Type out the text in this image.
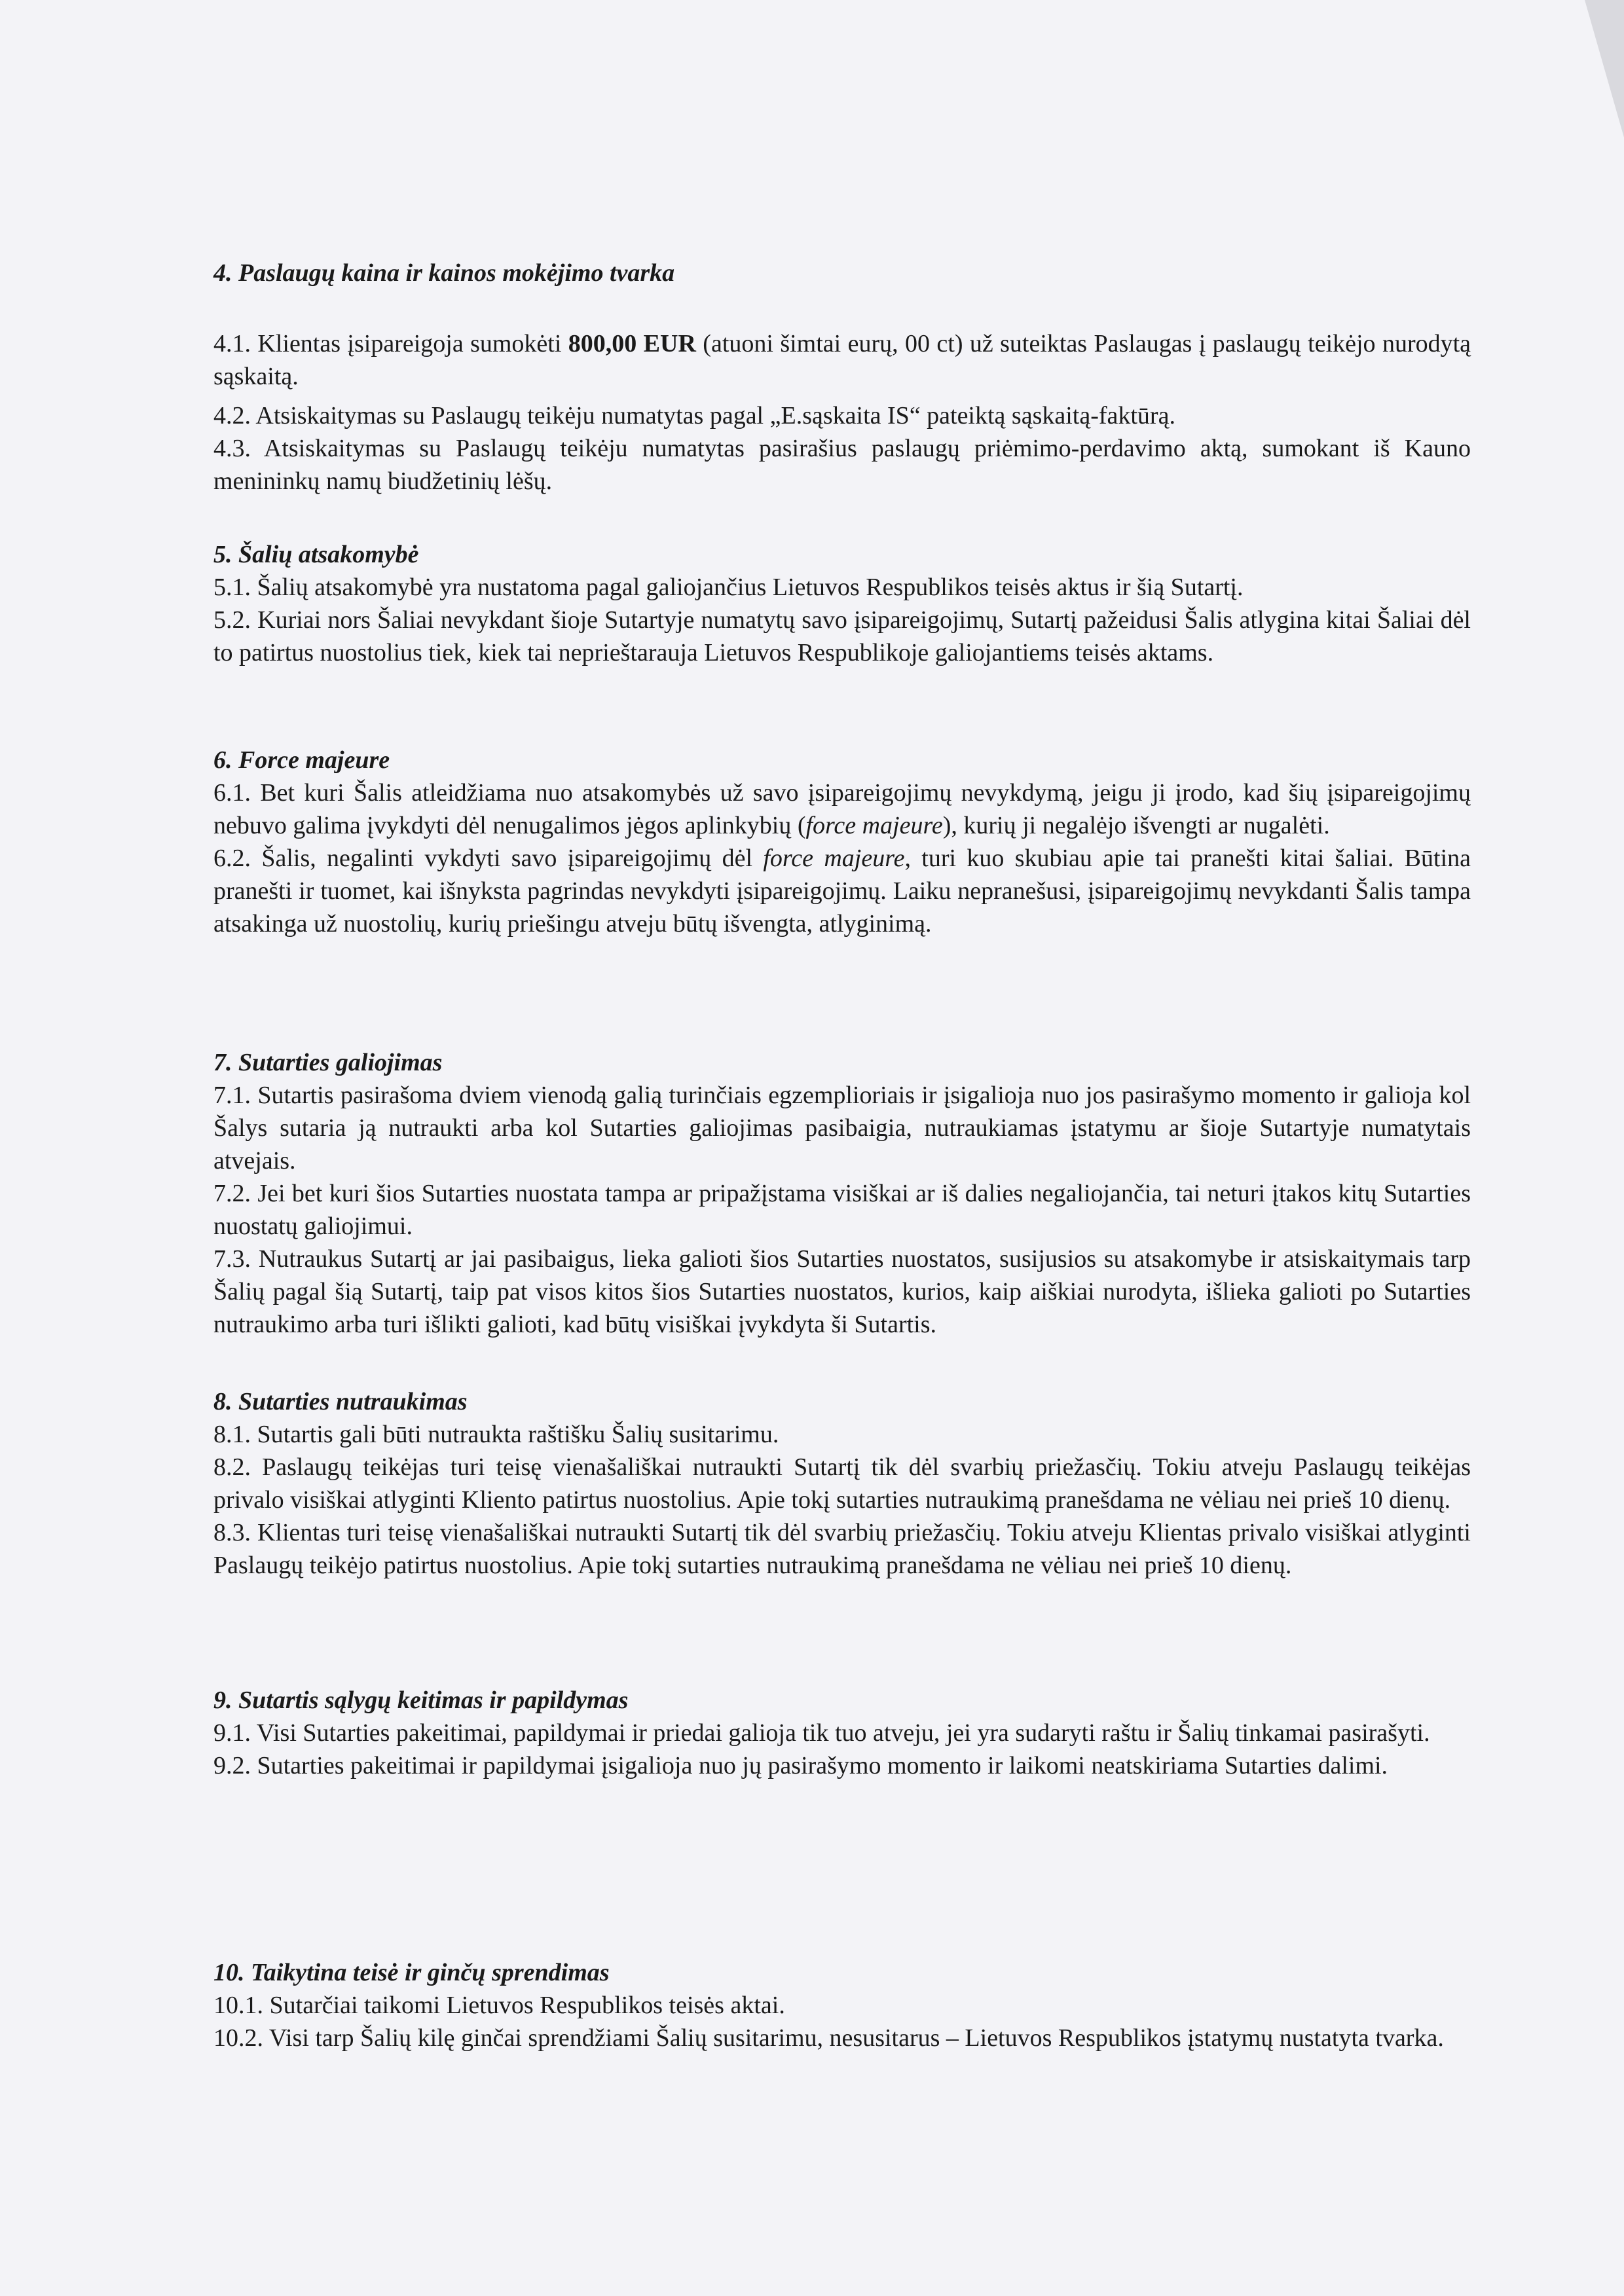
4. Paslaugų kaina ir kainos mokėjimo tvarka

4.1. Klientas įsipareigoja sumokėti 800,00 EUR (atuoni šimtai eurų, 00 ct) už suteiktas Paslaugas į paslaugų teikėjo nurodytą sąskaitą.

4.2. Atsiskaitymas su Paslaugų teikėju numatytas pagal „E.sąskaita IS“ pateiktą sąskaitą-faktūrą.

4.3. Atsiskaitymas su Paslaugų teikėju numatytas pasirašius paslaugų priėmimo-perdavimo aktą, sumokant iš Kauno menininkų namų biudžetinių lėšų.

5. Šalių atsakomybė

5.1. Šalių atsakomybė yra nustatoma pagal galiojančius Lietuvos Respublikos teisės aktus ir šią Sutartį.

5.2. Kuriai nors Šaliai nevykdant šioje Sutartyje numatytų savo įsipareigojimų, Sutartį pažeidusi Šalis atlygina kitai Šaliai dėl to patirtus nuostolius tiek, kiek tai neprieštarauja Lietuvos Respublikoje galiojantiems teisės aktams.

6. Force majeure

6.1. Bet kuri Šalis atleidžiama nuo atsakomybės už savo įsipareigojimų nevykdymą, jeigu ji įrodo, kad šių įsipareigojimų nebuvo galima įvykdyti dėl nenugalimos jėgos aplinkybių (force majeure), kurių ji negalėjo išvengti ar nugalėti.

6.2. Šalis, negalinti vykdyti savo įsipareigojimų dėl force majeure, turi kuo skubiau apie tai pranešti kitai šaliai. Būtina pranešti ir tuomet, kai išnyksta pagrindas nevykdyti įsipareigojimų. Laiku nepranešusi, įsipareigojimų nevykdanti Šalis tampa atsakinga už nuostolių, kurių priešingu atveju būtų išvengta, atlyginimą.

7. Sutarties galiojimas

7.1. Sutartis pasirašoma dviem vienodą galią turinčiais egzemplioriais ir įsigalioja nuo jos pasirašymo momento ir galioja kol Šalys sutaria ją nutraukti arba kol Sutarties galiojimas pasibaigia, nutraukiamas įstatymu ar šioje Sutartyje numatytais atvejais.

7.2. Jei bet kuri šios Sutarties nuostata tampa ar pripažįstama visiškai ar iš dalies negaliojančia, tai neturi įtakos kitų Sutarties nuostatų galiojimui.

7.3. Nutraukus Sutartį ar jai pasibaigus, lieka galioti šios Sutarties nuostatos, susijusios su atsakomybe ir atsiskaitymais tarp Šalių pagal šią Sutartį, taip pat visos kitos šios Sutarties nuostatos, kurios, kaip aiškiai nurodyta, išlieka galioti po Sutarties nutraukimo arba turi išlikti galioti, kad būtų visiškai įvykdyta ši Sutartis.

8. Sutarties nutraukimas

8.1. Sutartis gali būti nutraukta raštišku Šalių susitarimu.

8.2. Paslaugų teikėjas turi teisę vienašališkai nutraukti Sutartį tik dėl svarbių priežasčių. Tokiu atveju Paslaugų teikėjas privalo visiškai atlyginti Kliento patirtus nuostolius. Apie tokį sutarties nutraukimą pranešdama ne vėliau nei prieš 10 dienų.

8.3. Klientas turi teisę vienašališkai nutraukti Sutartį tik dėl svarbių priežasčių. Tokiu atveju Klientas privalo visiškai atlyginti Paslaugų teikėjo patirtus nuostolius. Apie tokį sutarties nutraukimą pranešdama ne vėliau nei prieš 10 dienų.

9. Sutartis sąlygų keitimas ir papildymas

9.1. Visi Sutarties pakeitimai, papildymai ir priedai galioja tik tuo atveju, jei yra sudaryti raštu ir Šalių tinkamai pasirašyti.

9.2. Sutarties pakeitimai ir papildymai įsigalioja nuo jų pasirašymo momento ir laikomi neatskiriama Sutarties dalimi.

10. Taikytina teisė ir ginčų sprendimas

10.1. Sutarčiai taikomi Lietuvos Respublikos teisės aktai.

10.2. Visi tarp Šalių kilę ginčai sprendžiami Šalių susitarimu, nesusitarus – Lietuvos Respublikos įstatymų nustatyta tvarka.
